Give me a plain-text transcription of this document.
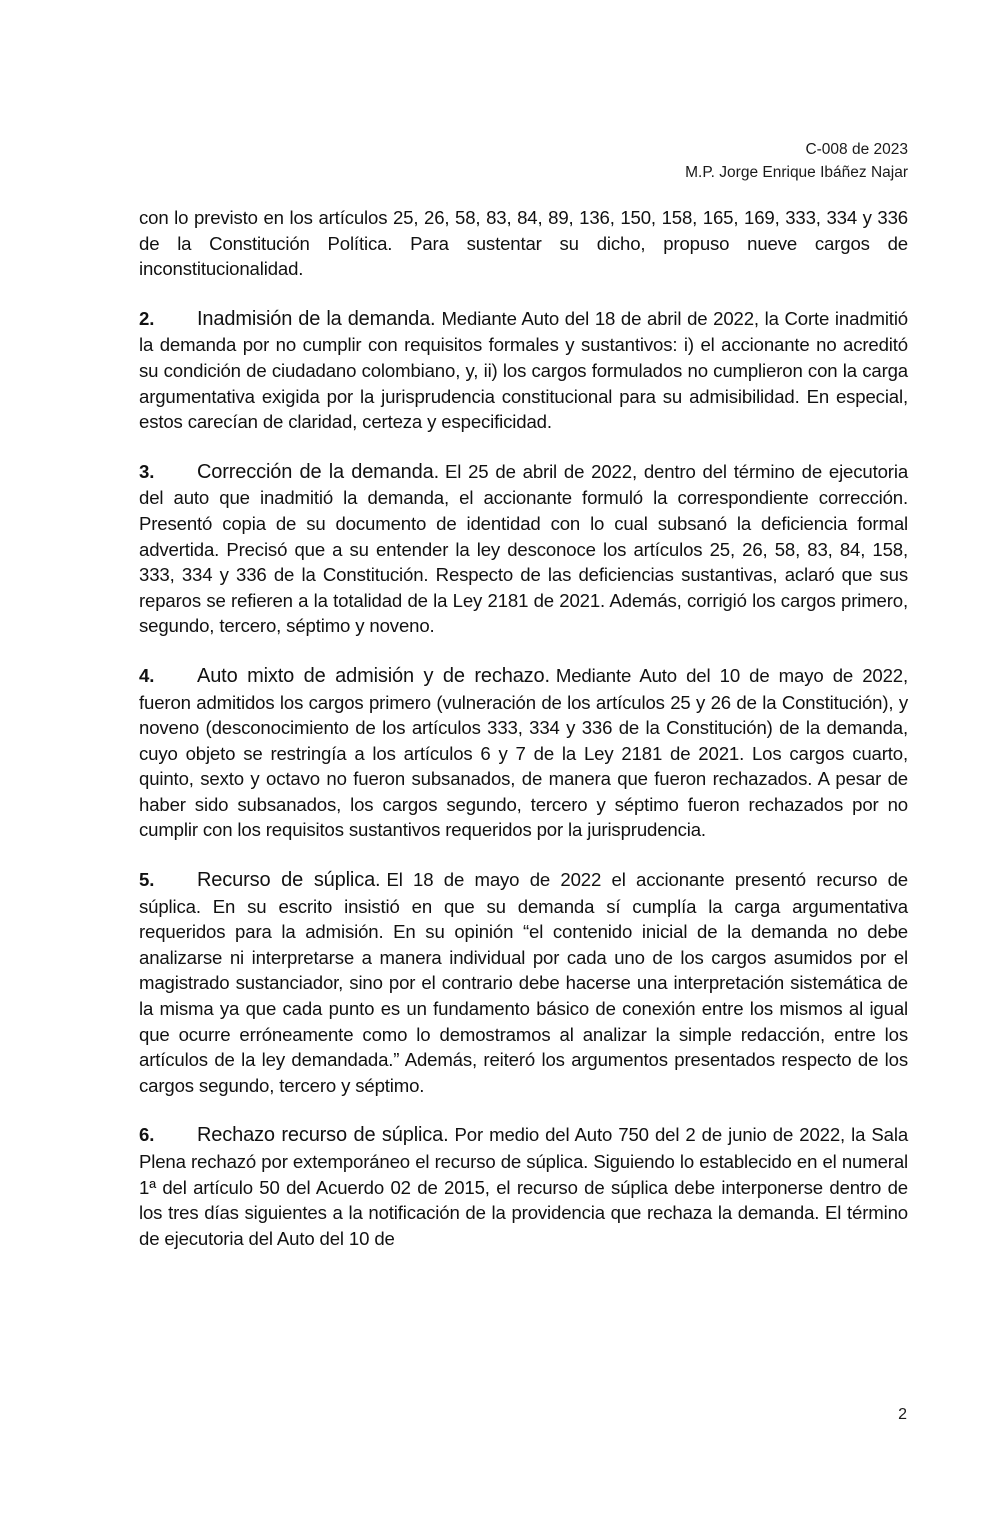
C-008 de 2023
M.P. Jorge Enrique Ibáñez Najar

con lo previsto en los artículos 25, 26, 58, 83, 84, 89, 136, 150, 158, 165, 169, 333, 334 y 336 de la Constitución Política. Para sustentar su dicho, propuso nueve cargos de inconstitucionalidad.

2. Inadmisión de la demanda. Mediante Auto del 18 de abril de 2022, la Corte inadmitió la demanda por no cumplir con requisitos formales y sustantivos: i) el accionante no acreditó su condición de ciudadano colombiano, y, ii) los cargos formulados no cumplieron con la carga argumentativa exigida por la jurisprudencia constitucional para su admisibilidad. En especial, estos carecían de claridad, certeza y especificidad.

3. Corrección de la demanda. El 25 de abril de 2022, dentro del término de ejecutoria del auto que inadmitió la demanda, el accionante formuló la correspondiente corrección. Presentó copia de su documento de identidad con lo cual subsanó la deficiencia formal advertida. Precisó que a su entender la ley desconoce los artículos 25, 26, 58, 83, 84, 158, 333, 334 y 336 de la Constitución. Respecto de las deficiencias sustantivas, aclaró que sus reparos se refieren a la totalidad de la Ley 2181 de 2021. Además, corrigió los cargos primero, segundo, tercero, séptimo y noveno.

4. Auto mixto de admisión y de rechazo. Mediante Auto del 10 de mayo de 2022, fueron admitidos los cargos primero (vulneración de los artículos 25 y 26 de la Constitución), y noveno (desconocimiento de los artículos 333, 334 y 336 de la Constitución) de la demanda, cuyo objeto se restringía a los artículos 6 y 7 de la Ley 2181 de 2021. Los cargos cuarto, quinto, sexto y octavo no fueron subsanados, de manera que fueron rechazados. A pesar de haber sido subsanados, los cargos segundo, tercero y séptimo fueron rechazados por no cumplir con los requisitos sustantivos requeridos por la jurisprudencia.

5. Recurso de súplica. El 18 de mayo de 2022 el accionante presentó recurso de súplica. En su escrito insistió en que su demanda sí cumplía la carga argumentativa requeridos para la admisión. En su opinión “el contenido inicial de la demanda no debe analizarse ni interpretarse a manera individual por cada uno de los cargos asumidos por el magistrado sustanciador, sino por el contrario debe hacerse una interpretación sistemática de la misma ya que cada punto es un fundamento básico de conexión entre los mismos al igual que ocurre erróneamente como lo demostramos al analizar la simple redacción, entre los artículos de la ley demandada.” Además, reiteró los argumentos presentados respecto de los cargos segundo, tercero y séptimo.

6. Rechazo recurso de súplica. Por medio del Auto 750 del 2 de junio de 2022, la Sala Plena rechazó por extemporáneo el recurso de súplica. Siguiendo lo establecido en el numeral 1ª del artículo 50 del Acuerdo 02 de 2015, el recurso de súplica debe interponerse dentro de los tres días siguientes a la notificación de la providencia que rechaza la demanda. El término de ejecutoria del Auto del 10 de

2
